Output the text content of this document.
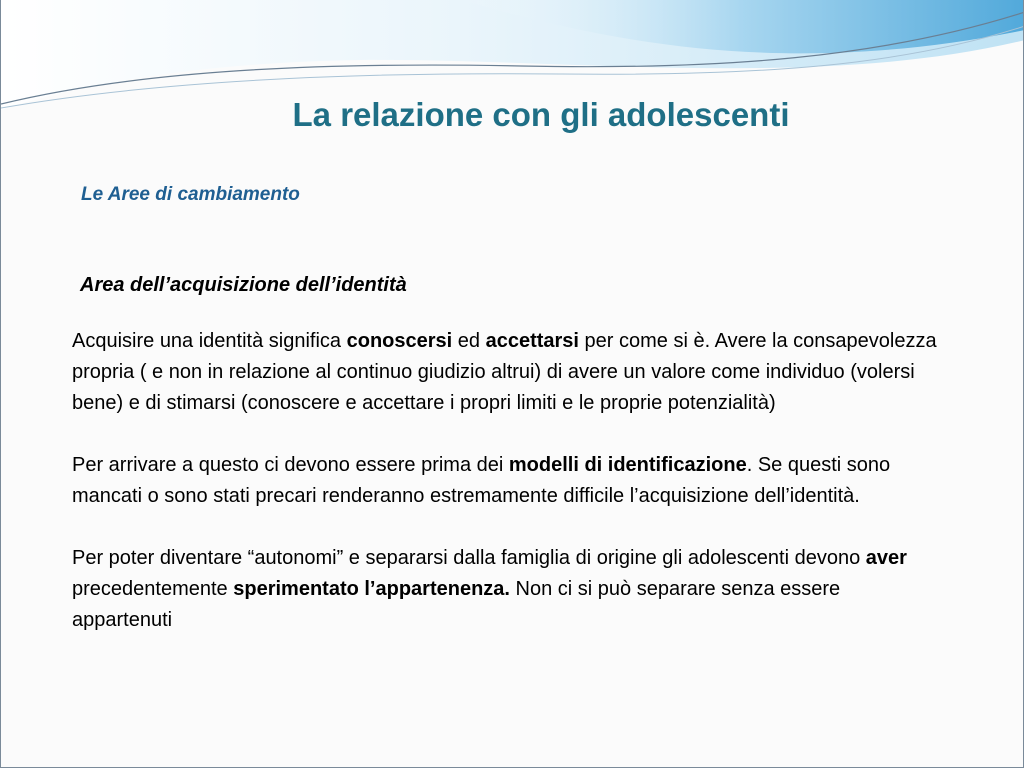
La relazione con gli adolescenti
Le Aree di cambiamento
Area dell’acquisizione dell’identità

Acquisire una identità significa conoscersi ed accettarsi per come si è. Avere la consapevolezza propria ( e non in relazione al continuo giudizio altrui) di avere un valore come individuo (volersi bene) e di stimarsi (conoscere e accettare i propri limiti e le proprie potenzialità)

Per arrivare a questo ci devono essere prima dei modelli di identificazione. Se questi sono mancati o sono stati precari renderanno estremamente difficile l’acquisizione dell’identità.

Per poter diventare “autonomi” e separarsi dalla famiglia di origine gli adolescenti devono aver precedentemente sperimentato l’appartenenza. Non ci si può separare senza essere appartenuti
